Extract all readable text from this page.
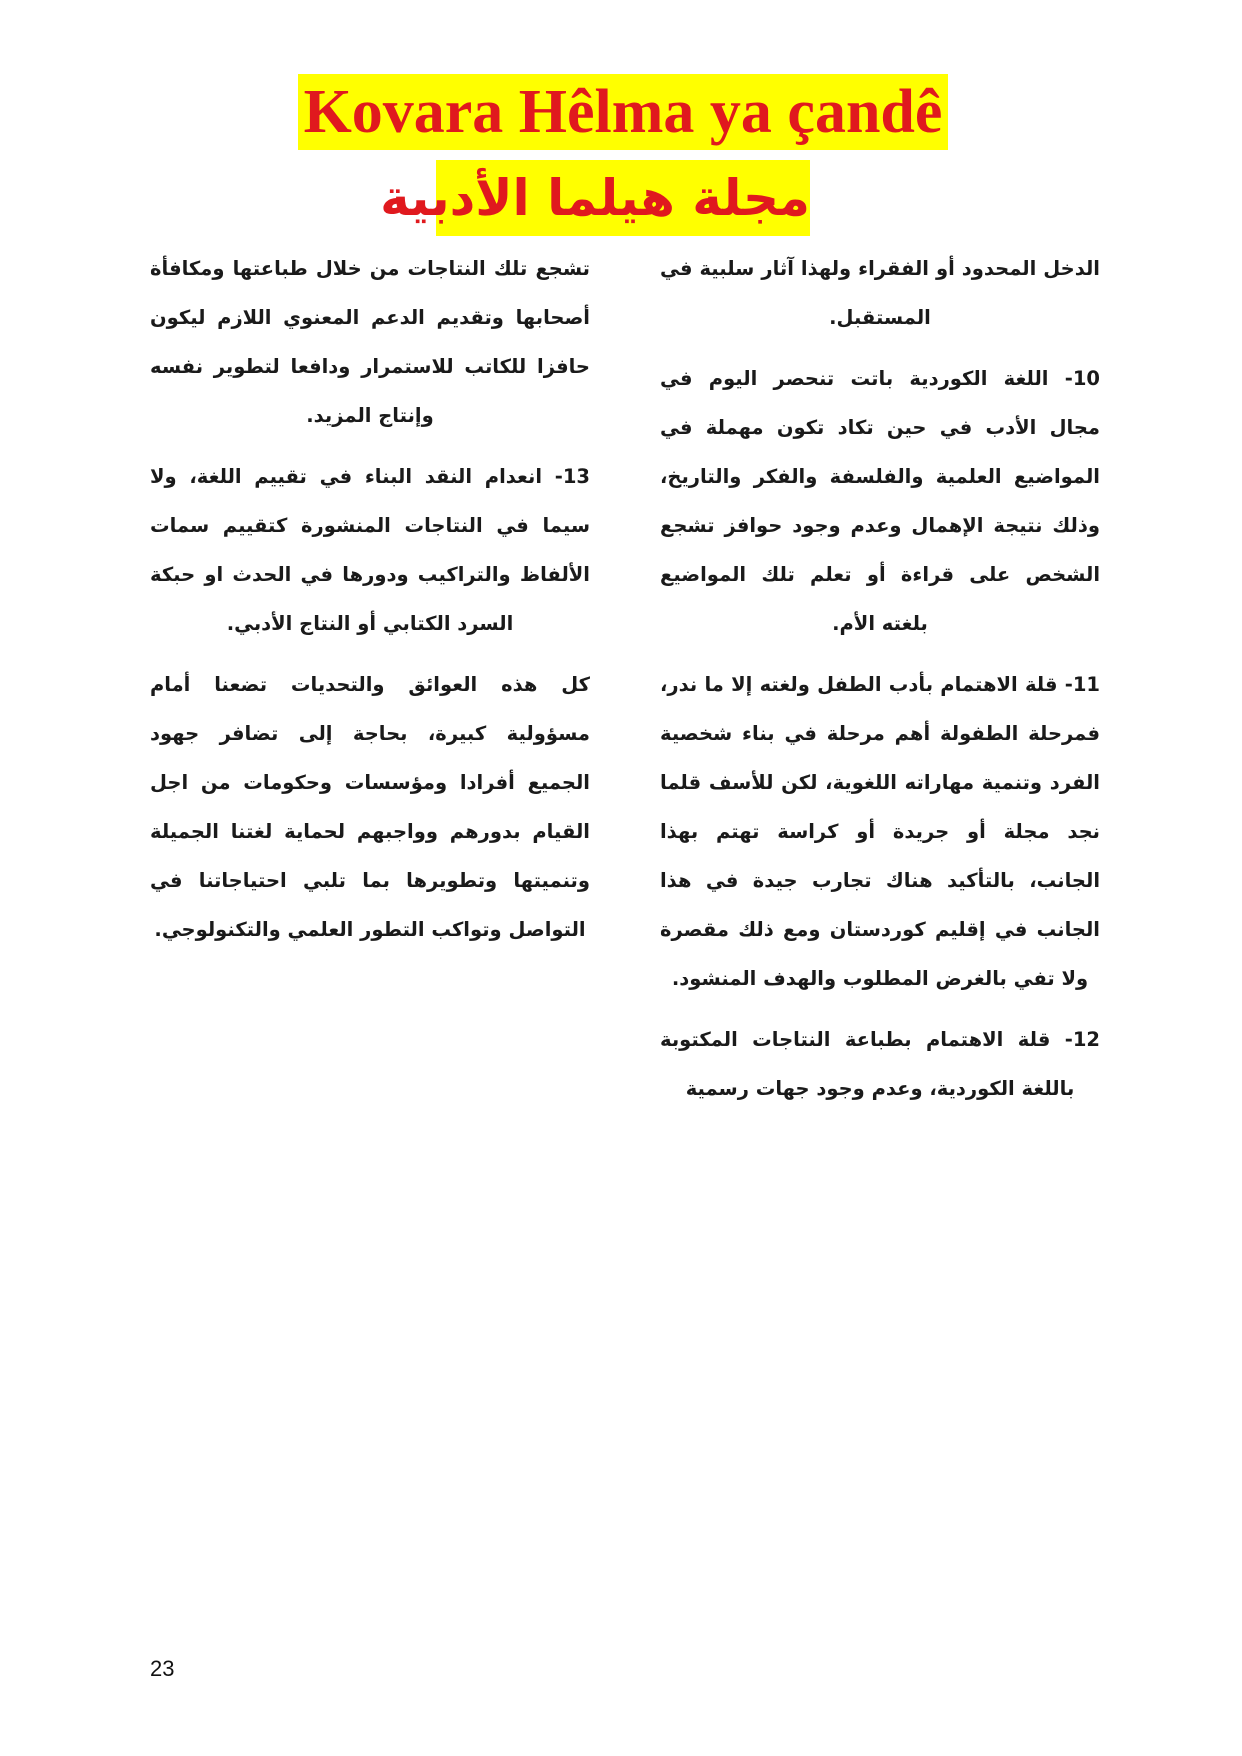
Kovara Hêlma ya çandê
مجلة هيلما الأدبية

الدخل المحدود أو الفقراء ولهذا آثار سلبية في المستقبل.

10- اللغة الكوردية باتت تنحصر اليوم في مجال الأدب في حين تكاد تكون مهملة في المواضيع العلمية والفلسفة والفكر والتاريخ، وذلك نتيجة الإهمال وعدم وجود حوافز تشجع الشخص على قراءة أو تعلم تلك المواضيع بلغته الأم.

11- قلة الاهتمام بأدب الطفل ولغته إلا ما ندر، فمرحلة الطفولة أهم مرحلة في بناء شخصية الفرد وتنمية مهاراته اللغوية، لكن للأسف قلما نجد مجلة أو جريدة أو كراسة تهتم بهذا الجانب، بالتأكيد هناك تجارب جيدة في هذا الجانب في إقليم كوردستان ومع ذلك مقصرة ولا تفي بالغرض المطلوب والهدف المنشود.

12- قلة الاهتمام بطباعة النتاجات المكتوبة باللغة الكوردية، وعدم وجود جهات رسمية

تشجع تلك النتاجات من خلال طباعتها ومكافأة أصحابها وتقديم الدعم المعنوي اللازم ليكون حافزا للكاتب للاستمرار ودافعا لتطوير نفسه وإنتاج المزيد.

13- انعدام النقد البناء في تقييم اللغة، ولا سيما في النتاجات المنشورة كتقييم سمات الألفاظ والتراكيب ودورها في الحدث او حبكة السرد الكتابي أو النتاج الأدبي.

كل هذه العوائق والتحديات تضعنا أمام مسؤولية كبيرة، بحاجة إلى تضافر جهود الجميع أفرادا ومؤسسات وحكومات من اجل القيام بدورهم وواجبهم لحماية لغتنا الجميلة وتنميتها وتطويرها بما تلبي احتياجاتنا في التواصل وتواكب التطور العلمي والتكنولوجي.

23
